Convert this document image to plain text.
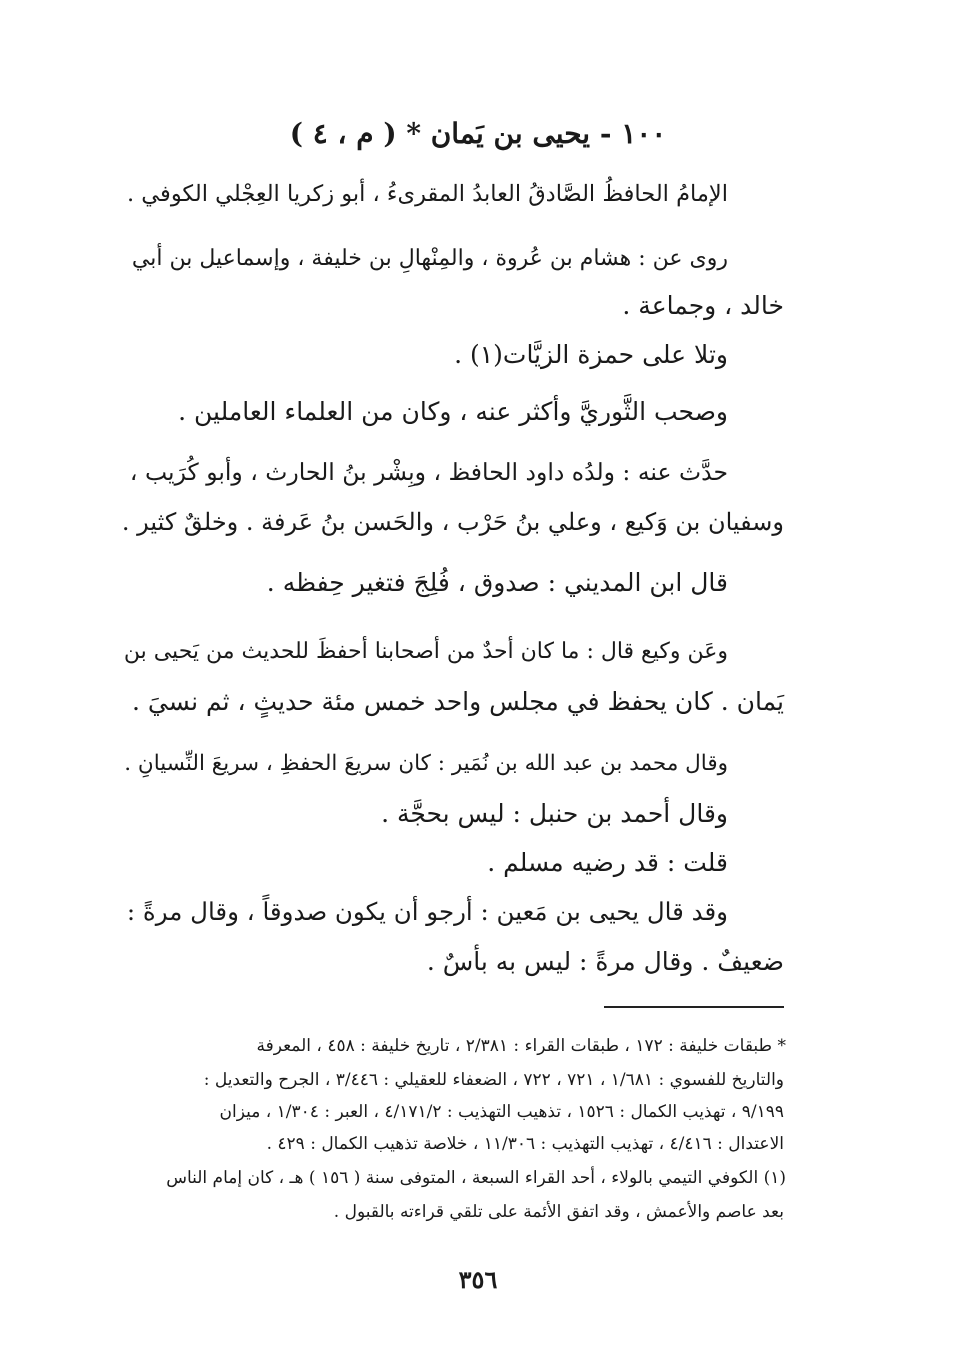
١٠٠ - يحيى بن يَمان * ( م ، ٤ )
الإمامُ الحافظُ الصَّادقُ العابدُ المقرىءُ ، أبو زكريا العِجْلي الكوفي .
روى عن : هشام بن عُروة ، والمِنْهالِ بن خليفة ، وإسماعيل بن أبي
خالد ، وجماعة .
وتلا على حمزة الزيَّات(١) .
وصحب الثَّوريَّ وأكثر عنه ، وكان من العلماء العاملين .
حدَّث عنه : ولدُه داود الحافظ ، وبِشْر بنُ الحارث ، وأبو كُرَيب ،
وسفيان بن وَكيع ، وعلي بنُ حَرْب ، والحَسن بنُ عَرفة . وخلقٌ كثير .
قال ابن المديني : صدوق ، فُلِجَ فتغير حِفظه .
وعَن وكيع قال : ما كان أحدٌ من أصحابنا أحفظَ للحديث من يَحيى بن
يَمان . كان يحفظ في مجلس واحد خمس مئة حديثٍ ، ثم نسيَ .
وقال محمد بن عبد الله بن نُمَير : كان سريعَ الحفظِ ، سريعَ النِّسيانِ .
وقال أحمد بن حنبل : ليس بحجَّة .
قلت : قد رضيه مسلم .
وقد قال يحيى بن مَعين : أرجو أن يكون صدوقاً ، وقال مرةً :
ضعيفٌ . وقال مرةً : ليس به بأسٌ .
* طبقات خليفة : ١٧٢ ، طبقات القراء : ٢/٣٨١ ، تاريخ خليفة : ٤٥٨ ، المعرفة
والتاريخ للفسوي : ١/٦٨١ ، ٧٢١ ، ٧٢٢ ، الضعفاء للعقيلي : ٣/٤٤٦ ، الجرح والتعديل :
٩/١٩٩ ، تهذيب الكمال : ١٥٢٦ ، تذهيب التهذيب : ٤/١٧١/٢ ، العبر : ١/٣٠٤ ، ميزان
الاعتدال : ٤/٤١٦ ، تهذيب التهذيب : ١١/٣٠٦ ، خلاصة تذهيب الكمال : ٤٢٩ .
(١) الكوفي التيمي بالولاء ، أحد القراء السبعة ، المتوفى سنة ( ١٥٦ ) هـ ، كان إمام الناس
بعد عاصم والأعمش ، وقد اتفق الأئمة على تلقي قراءته بالقبول .
٣٥٦
